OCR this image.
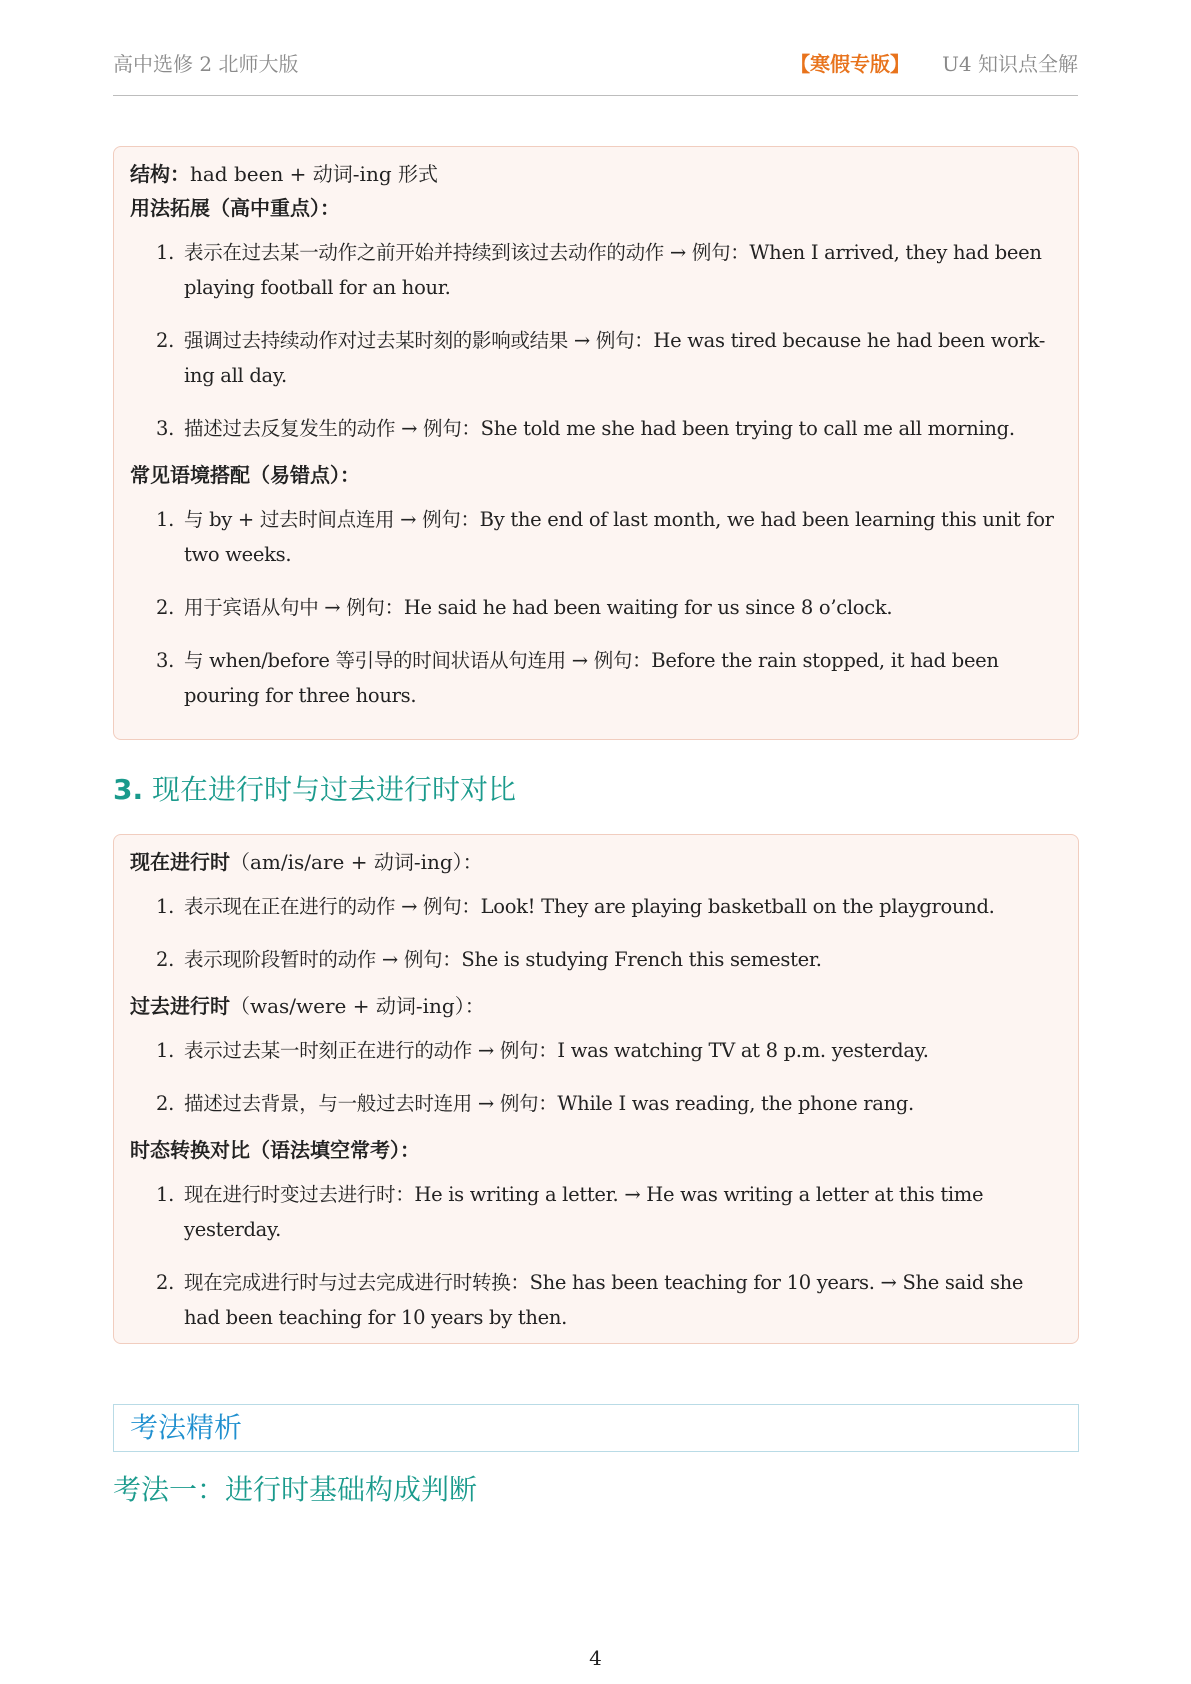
高中选修 2 北师大版	【寒假专版】 U4 知识点全解
结构：had been + 动词-ing 形式
用法拓展（高中重点）：
1. 表示在过去某一动作之前开始并持续到该过去动作的动作 → 例句：When I arrived, they had been playing football for an hour.
2. 强调过去持续动作对过去某时刻的影响或结果 → 例句：He was tired because he had been work-ing all day.
3. 描述过去反复发生的动作 → 例句：She told me she had been trying to call me all morning.
常见语境搭配（易错点）：
1. 与 by + 过去时间点连用 → 例句：By the end of last month, we had been learning this unit for two weeks.
2. 用于宾语从句中 → 例句：He said he had been waiting for us since 8 o’clock.
3. 与 when/before 等引导的时间状语从句连用 → 例句：Before the rain stopped, it had been pouring for three hours.
3. 现在进行时与过去进行时对比
现在进行时（am/is/are + 动词-ing）：
1. 表示现在正在进行的动作 → 例句：Look! They are playing basketball on the playground.
2. 表示现阶段暂时的动作 → 例句：She is studying French this semester.
过去进行时（was/were + 动词-ing）：
1. 表示过去某一时刻正在进行的动作 → 例句：I was watching TV at 8 p.m. yesterday.
2. 描述过去背景，与一般过去时连用 → 例句：While I was reading, the phone rang.
时态转换对比（语法填空常考）：
1. 现在进行时变过去进行时：He is writing a letter. → He was writing a letter at this time yesterday.
2. 现在完成进行时与过去完成进行时转换：She has been teaching for 10 years. → She said she had been teaching for 10 years by then.
考法精析
考法一：进行时基础构成判断
4
